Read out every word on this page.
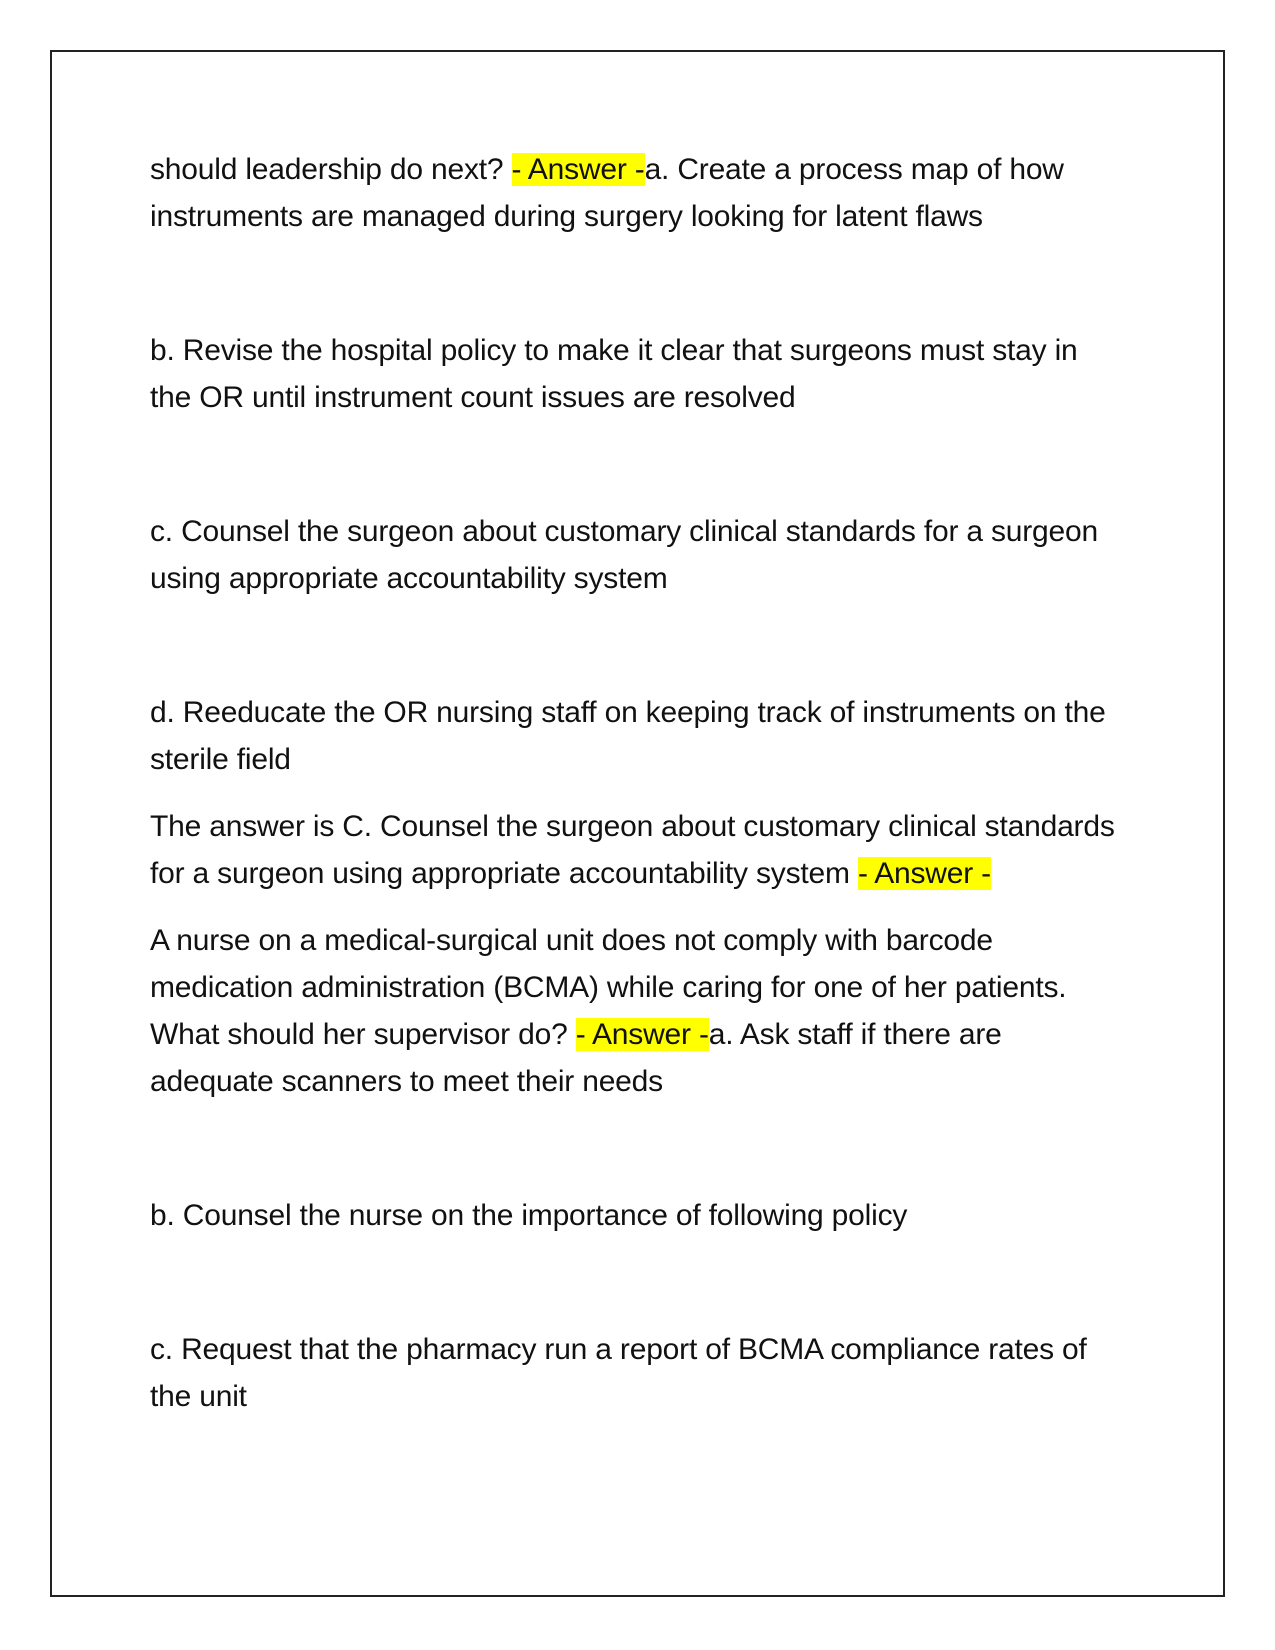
should leadership do next? - Answer -a. Create a process map of how instruments are managed during surgery looking for latent flaws

b. Revise the hospital policy to make it clear that surgeons must stay in the OR until instrument count issues are resolved

c. Counsel the surgeon about customary clinical standards for a surgeon using appropriate accountability system

d. Reeducate the OR nursing staff on keeping track of instruments on the sterile field

The answer is C. Counsel the surgeon about customary clinical standards for a surgeon using appropriate accountability system - Answer -

A nurse on a medical-surgical unit does not comply with barcode medication administration (BCMA) while caring for one of her patients. What should her supervisor do? - Answer -a. Ask staff if there are adequate scanners to meet their needs

b. Counsel the nurse on the importance of following policy

c. Request that the pharmacy run a report of BCMA compliance rates of the unit
